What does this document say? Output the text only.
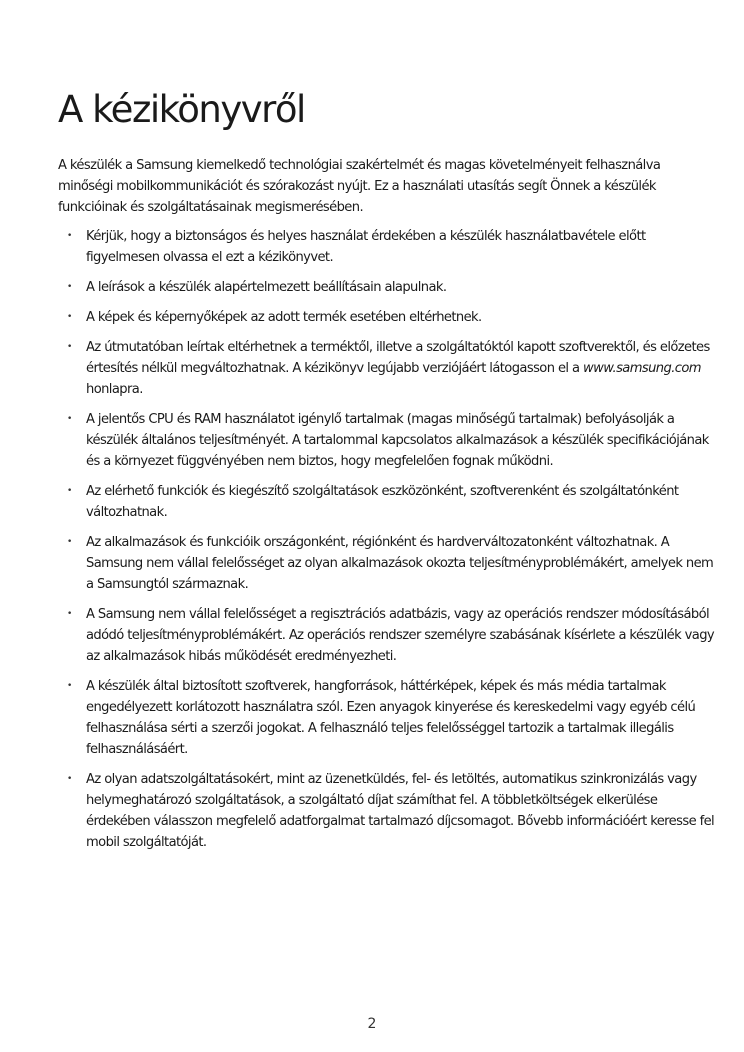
A kézikönyvről

A készülék a Samsung kiemelkedő technológiai szakértelmét és magas követelményeit felhasználva minőségi mobilkommunikációt és szórakozást nyújt. Ez a használati utasítás segít Önnek a készülék funkcióinak és szolgáltatásainak megismerésében.

• Kérjük, hogy a biztonságos és helyes használat érdekében a készülék használatbavétele előtt figyelmesen olvassa el ezt a kézikönyvet.
• A leírások a készülék alapértelmezett beállításain alapulnak.
• A képek és képernyőképek az adott termék esetében eltérhetnek.
• Az útmutatóban leírtak eltérhetnek a terméktől, illetve a szolgáltatóktól kapott szoftverektől, és előzetes értesítés nélkül megváltozhatnak. A kézikönyv legújabb verziójáért látogasson el a www.samsung.com honlapra.
• A jelentős CPU és RAM használatot igénylő tartalmak (magas minőségű tartalmak) befolyásolják a készülék általános teljesítményét. A tartalommal kapcsolatos alkalmazások a készülék specifikációjának és a környezet függvényében nem biztos, hogy megfelelően fognak működni.
• Az elérhető funkciók és kiegészítő szolgáltatások eszközönként, szoftverenként és szolgáltatónként változhatnak.
• Az alkalmazások és funkcióik országonként, régiónként és hardverváltozatonként változhatnak. A Samsung nem vállal felelősséget az olyan alkalmazások okozta teljesítményproblémákért, amelyek nem a Samsungtól származnak.
• A Samsung nem vállal felelősséget a regisztrációs adatbázis, vagy az operációs rendszer módosításából adódó teljesítményproblémákért. Az operációs rendszer személyre szabásának kísérlete a készülék vagy az alkalmazások hibás működését eredményezheti.
• A készülék által biztosított szoftverek, hangforrások, háttérképek, képek és más média tartalmak engedélyezett korlátozott használatra szól. Ezen anyagok kinyerése és kereskedelmi vagy egyéb célú felhasználása sérti a szerzői jogokat. A felhasználó teljes felelősséggel tartozik a tartalmak illegális felhasználásáért.
• Az olyan adatszolgáltatásokért, mint az üzenetküldés, fel- és letöltés, automatikus szinkronizálás vagy helymeghatározó szolgáltatások, a szolgáltató díjat számíthat fel. A többletköltségek elkerülése érdekében válasszon megfelelő adatforgalmat tartalmazó díjcsomagot. Bővebb információért keresse fel mobil szolgáltatóját.
2
